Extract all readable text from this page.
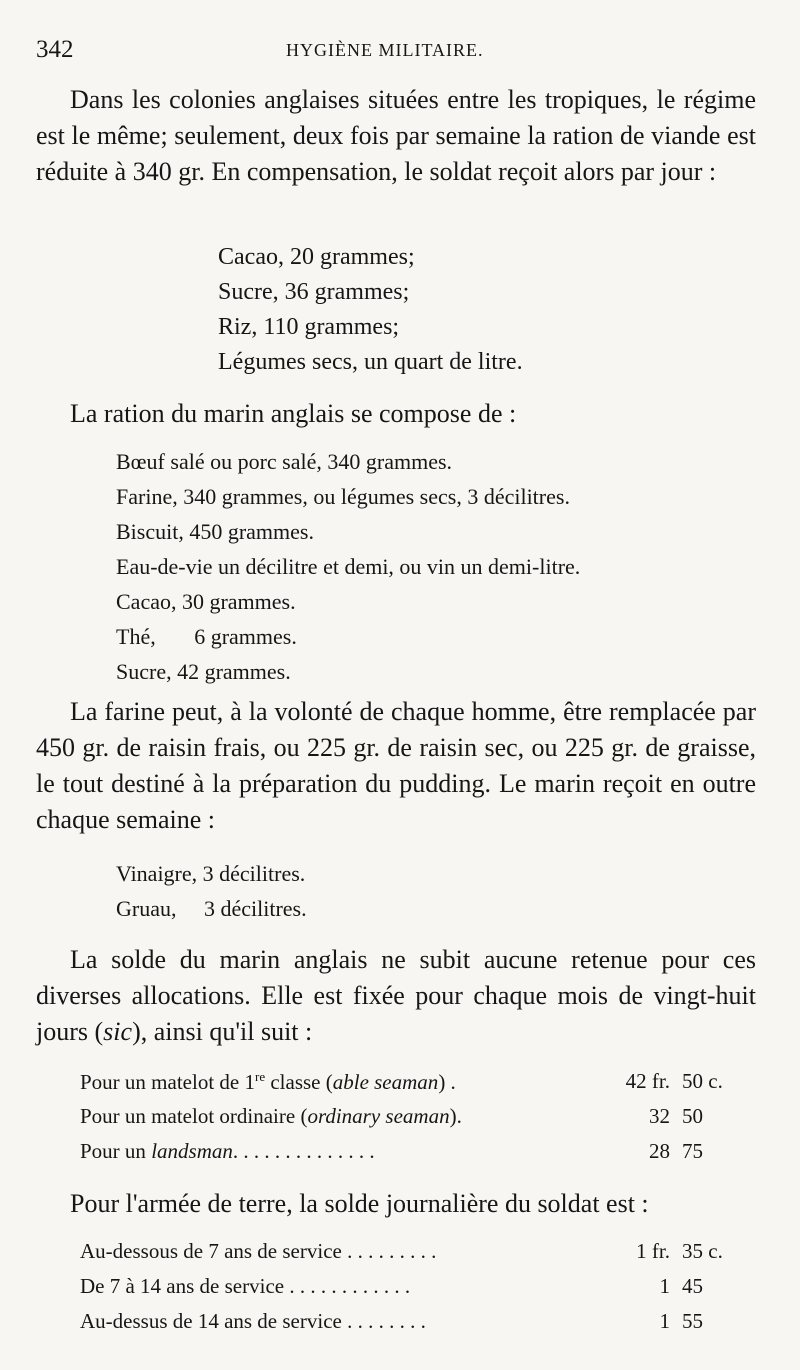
342	HYGIÈNE MILITAIRE.

Dans les colonies anglaises situées entre les tropiques, le régime est le même; seulement, deux fois par semaine la ration de viande est réduite à 340 gr. En compensation, le soldat reçoit alors par jour :

Cacao, 20 grammes;
Sucre, 36 grammes;
Riz, 110 grammes;
Légumes secs, un quart de litre.

La ration du marin anglais se compose de :

Bœuf salé ou porc salé, 340 grammes.
Farine, 340 grammes, ou légumes secs, 3 décilitres.
Biscuit, 450 grammes.
Eau-de-vie un décilitre et demi, ou vin un demi-litre.
Cacao, 30 grammes.
Thé,       6 grammes.
Sucre, 42 grammes.

La farine peut, à la volonté de chaque homme, être remplacée par 450 gr. de raisin frais, ou 225 gr. de raisin sec, ou 225 gr. de graisse, le tout destiné à la préparation du pudding. Le marin reçoit en outre chaque semaine :

Vinaigre, 3 décilitres.
Gruau,     3 décilitres.

La solde du marin anglais ne subit aucune retenue pour ces diverses allocations. Elle est fixée pour chaque mois de vingt-huit jours (sic), ainsi qu'il suit :

Pour un matelot de 1re classe (able seaman) .	42 fr.	50 c.
Pour un matelot ordinaire (ordinary seaman).	32	50
Pour un landsman. . . . . . . . . . . . . .	28	75

Pour l'armée de terre, la solde journalière du soldat est :

Au-dessous de 7 ans de service . . . . . . . . .	1 fr.	35 c.
De 7 à 14 ans de service . . . . . . . . . . . .	1	45
Au-dessus de 14 ans de service . . . . . . . .	1	55
